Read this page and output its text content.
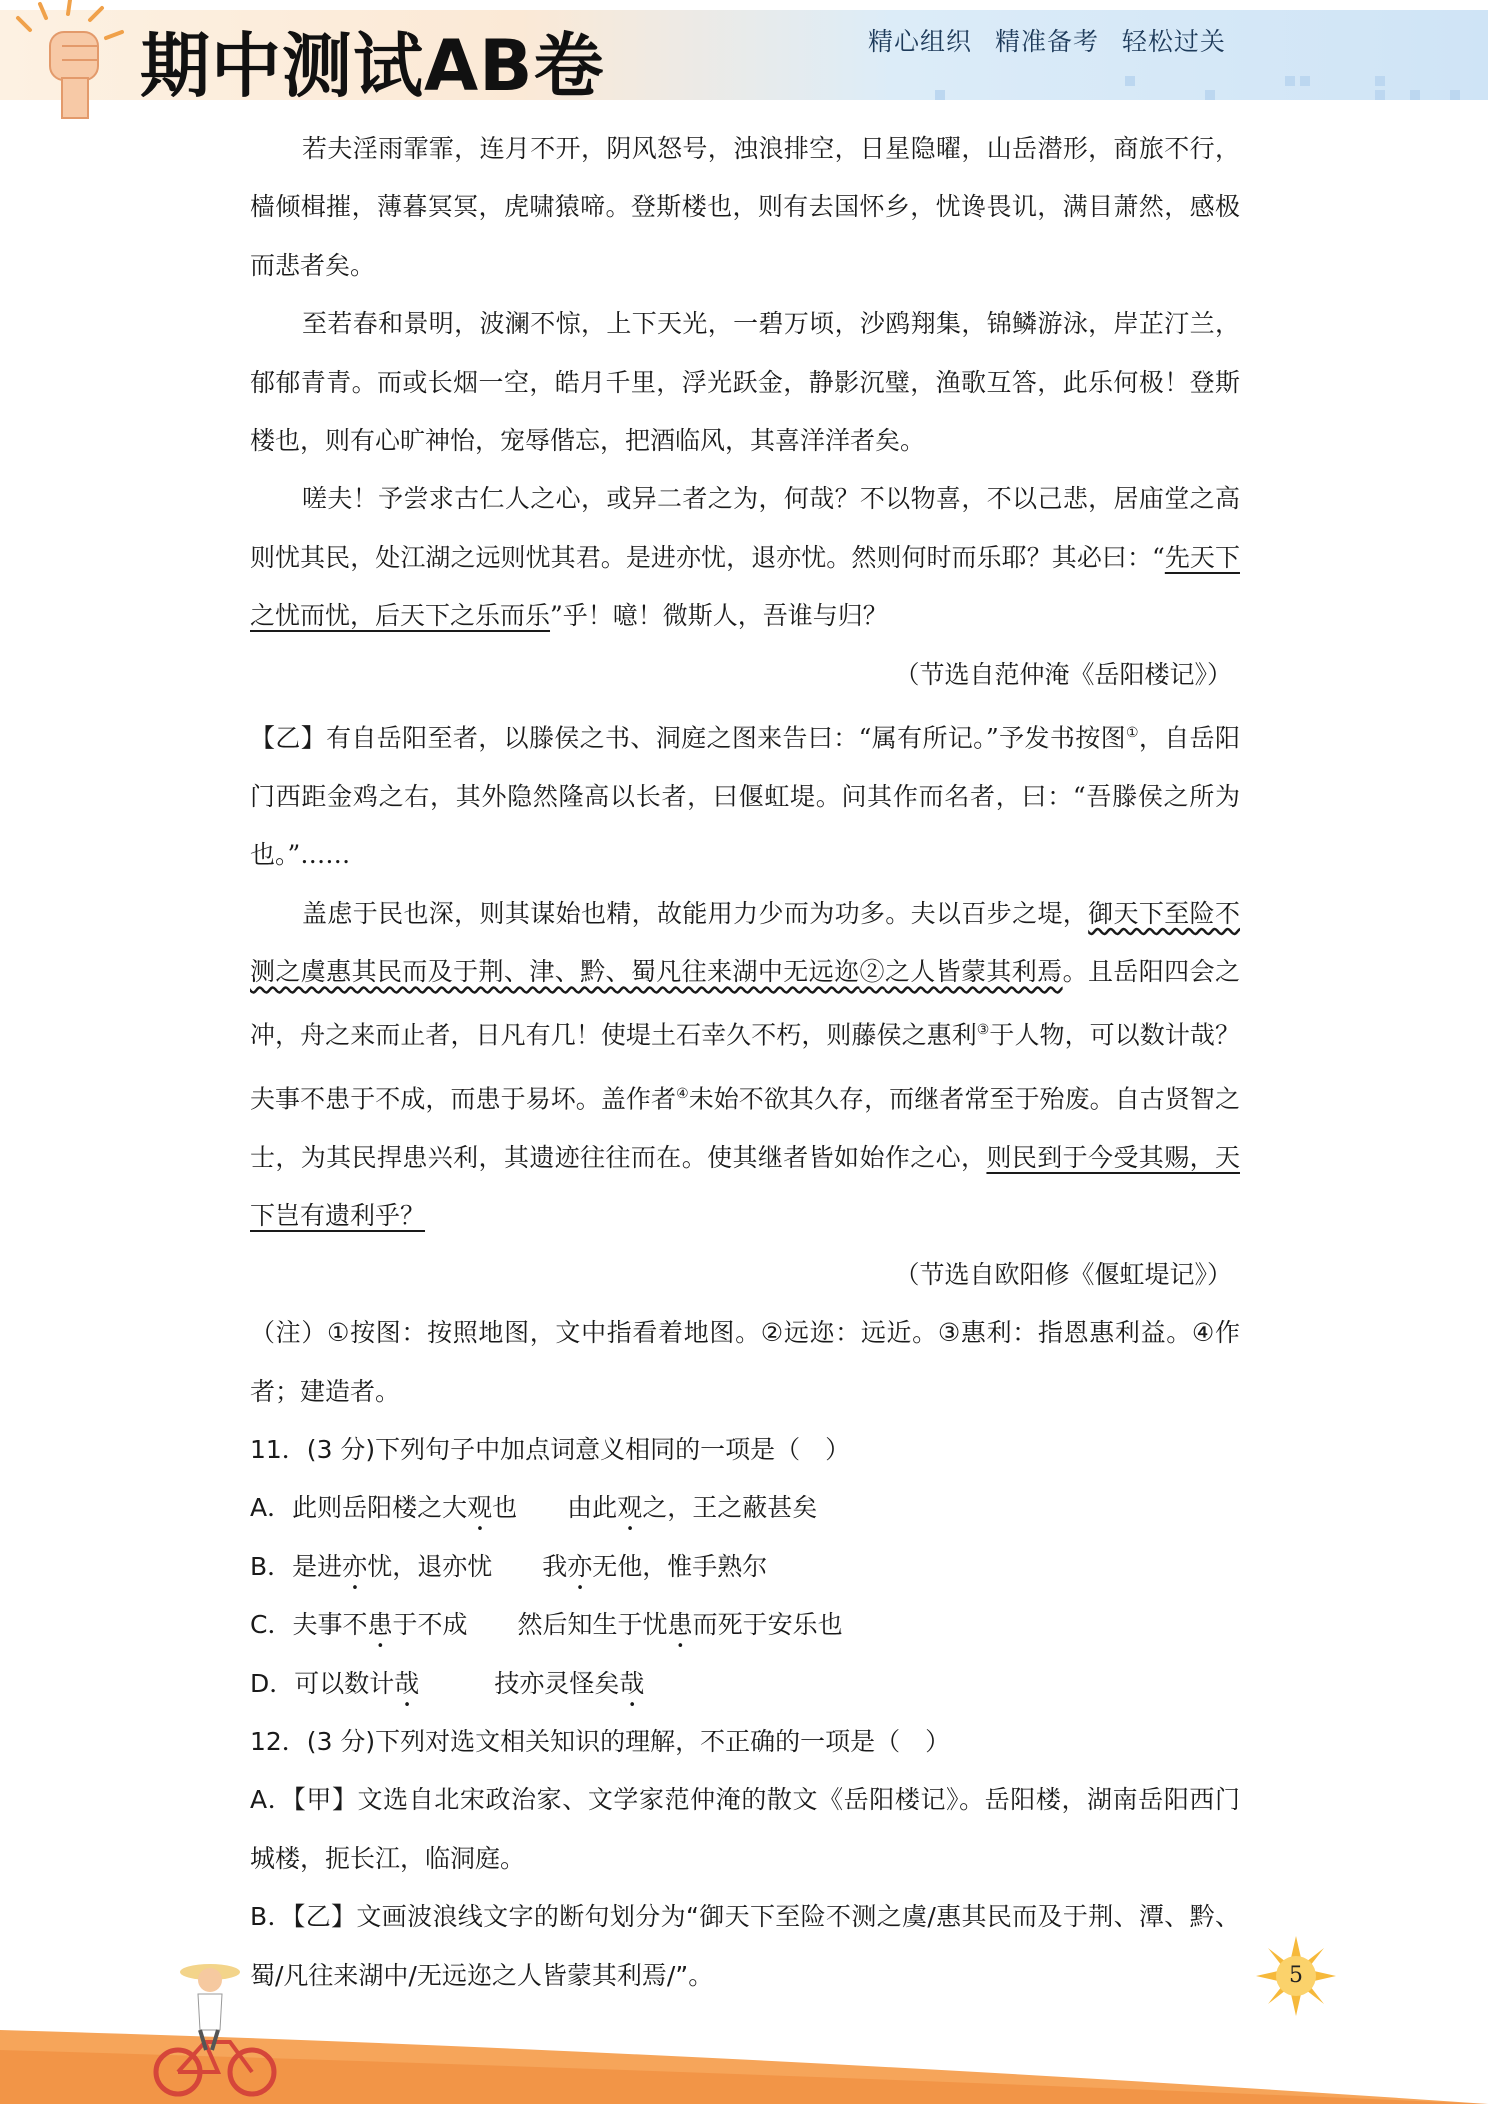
期中测试AB卷	精心组织 精准备考 轻松过关

若夫淫雨霏霏，连月不开，阴风怒号，浊浪排空，日星隐曜，山岳潜形，商旅不行，樯倾楫摧，薄暮冥冥，虎啸猿啼。登斯楼也，则有去国怀乡，忧谗畏讥，满目萧然，感极而悲者矣。

至若春和景明，波澜不惊，上下天光，一碧万顷，沙鸥翔集，锦鳞游泳，岸芷汀兰，郁郁青青。而或长烟一空，皓月千里，浮光跃金，静影沉璧，渔歌互答，此乐何极！登斯楼也，则有心旷神怡，宠辱偕忘，把酒临风，其喜洋洋者矣。

嗟夫！予尝求古仁人之心，或异二者之为，何哉？不以物喜，不以己悲，居庙堂之高则忧其民，处江湖之远则忧其君。是进亦忧，退亦忧。然则何时而乐耶？其必曰：“先天下之忧而忧，后天下之乐而乐”乎！噫！微斯人，吾谁与归？

（节选自范仲淹《岳阳楼记》）

【乙】有自岳阳至者，以滕侯之书、洞庭之图来告曰：“属有所记。”予发书按图①，自岳阳门西距金鸡之右，其外隐然隆高以长者，曰偃虹堤。问其作而名者，曰：“吾滕侯之所为也。”……

盖虑于民也深，则其谋始也精，故能用力少而为功多。夫以百步之堤，御天下至险不测之虞惠其民而及于荆、津、黔、蜀凡往来湖中无远迩②之人皆蒙其利焉。且岳阳四会之冲，舟之来而止者，日凡有几！使堤土石幸久不朽，则藤侯之惠利③于人物，可以数计哉？夫事不患于不成，而患于易坏。盖作者④未始不欲其久存，而继者常至于殆废。自古贤智之士，为其民捍患兴利，其遗迹往往而在。使其继者皆如始作之心，则民到于今受其赐，天下岂有遗利乎？

（节选自欧阳修《偃虹堤记》）

（注）①按图：按照地图，文中指看着地图。②远迩：远近。③惠利：指恩惠利益。④作者；建造者。

11．(3 分)下列句子中加点词意义相同的一项是（　）

A．此则岳阳楼之大观也　　 由此观之，王之蔽甚矣

B．是进亦忧，退亦忧　　 我亦无他，惟手熟尔

C．夫事不患于不成　　 然后知生于忧患而死于安乐也

D．可以数计哉　　　	技亦灵怪矣哉

12．(3 分)下列对选文相关知识的理解，不正确的一项是（　）

A．【甲】文选自北宋政治家、文学家范仲淹的散文《岳阳楼记》。岳阳楼，湖南岳阳西门城楼，扼长江，临洞庭。

B．【乙】文画波浪线文字的断句划分为“御天下至险不测之虞/惠其民而及于荆、潭、黔、蜀/凡往来湖中/无远迩之人皆蒙其利焉/”。	5
